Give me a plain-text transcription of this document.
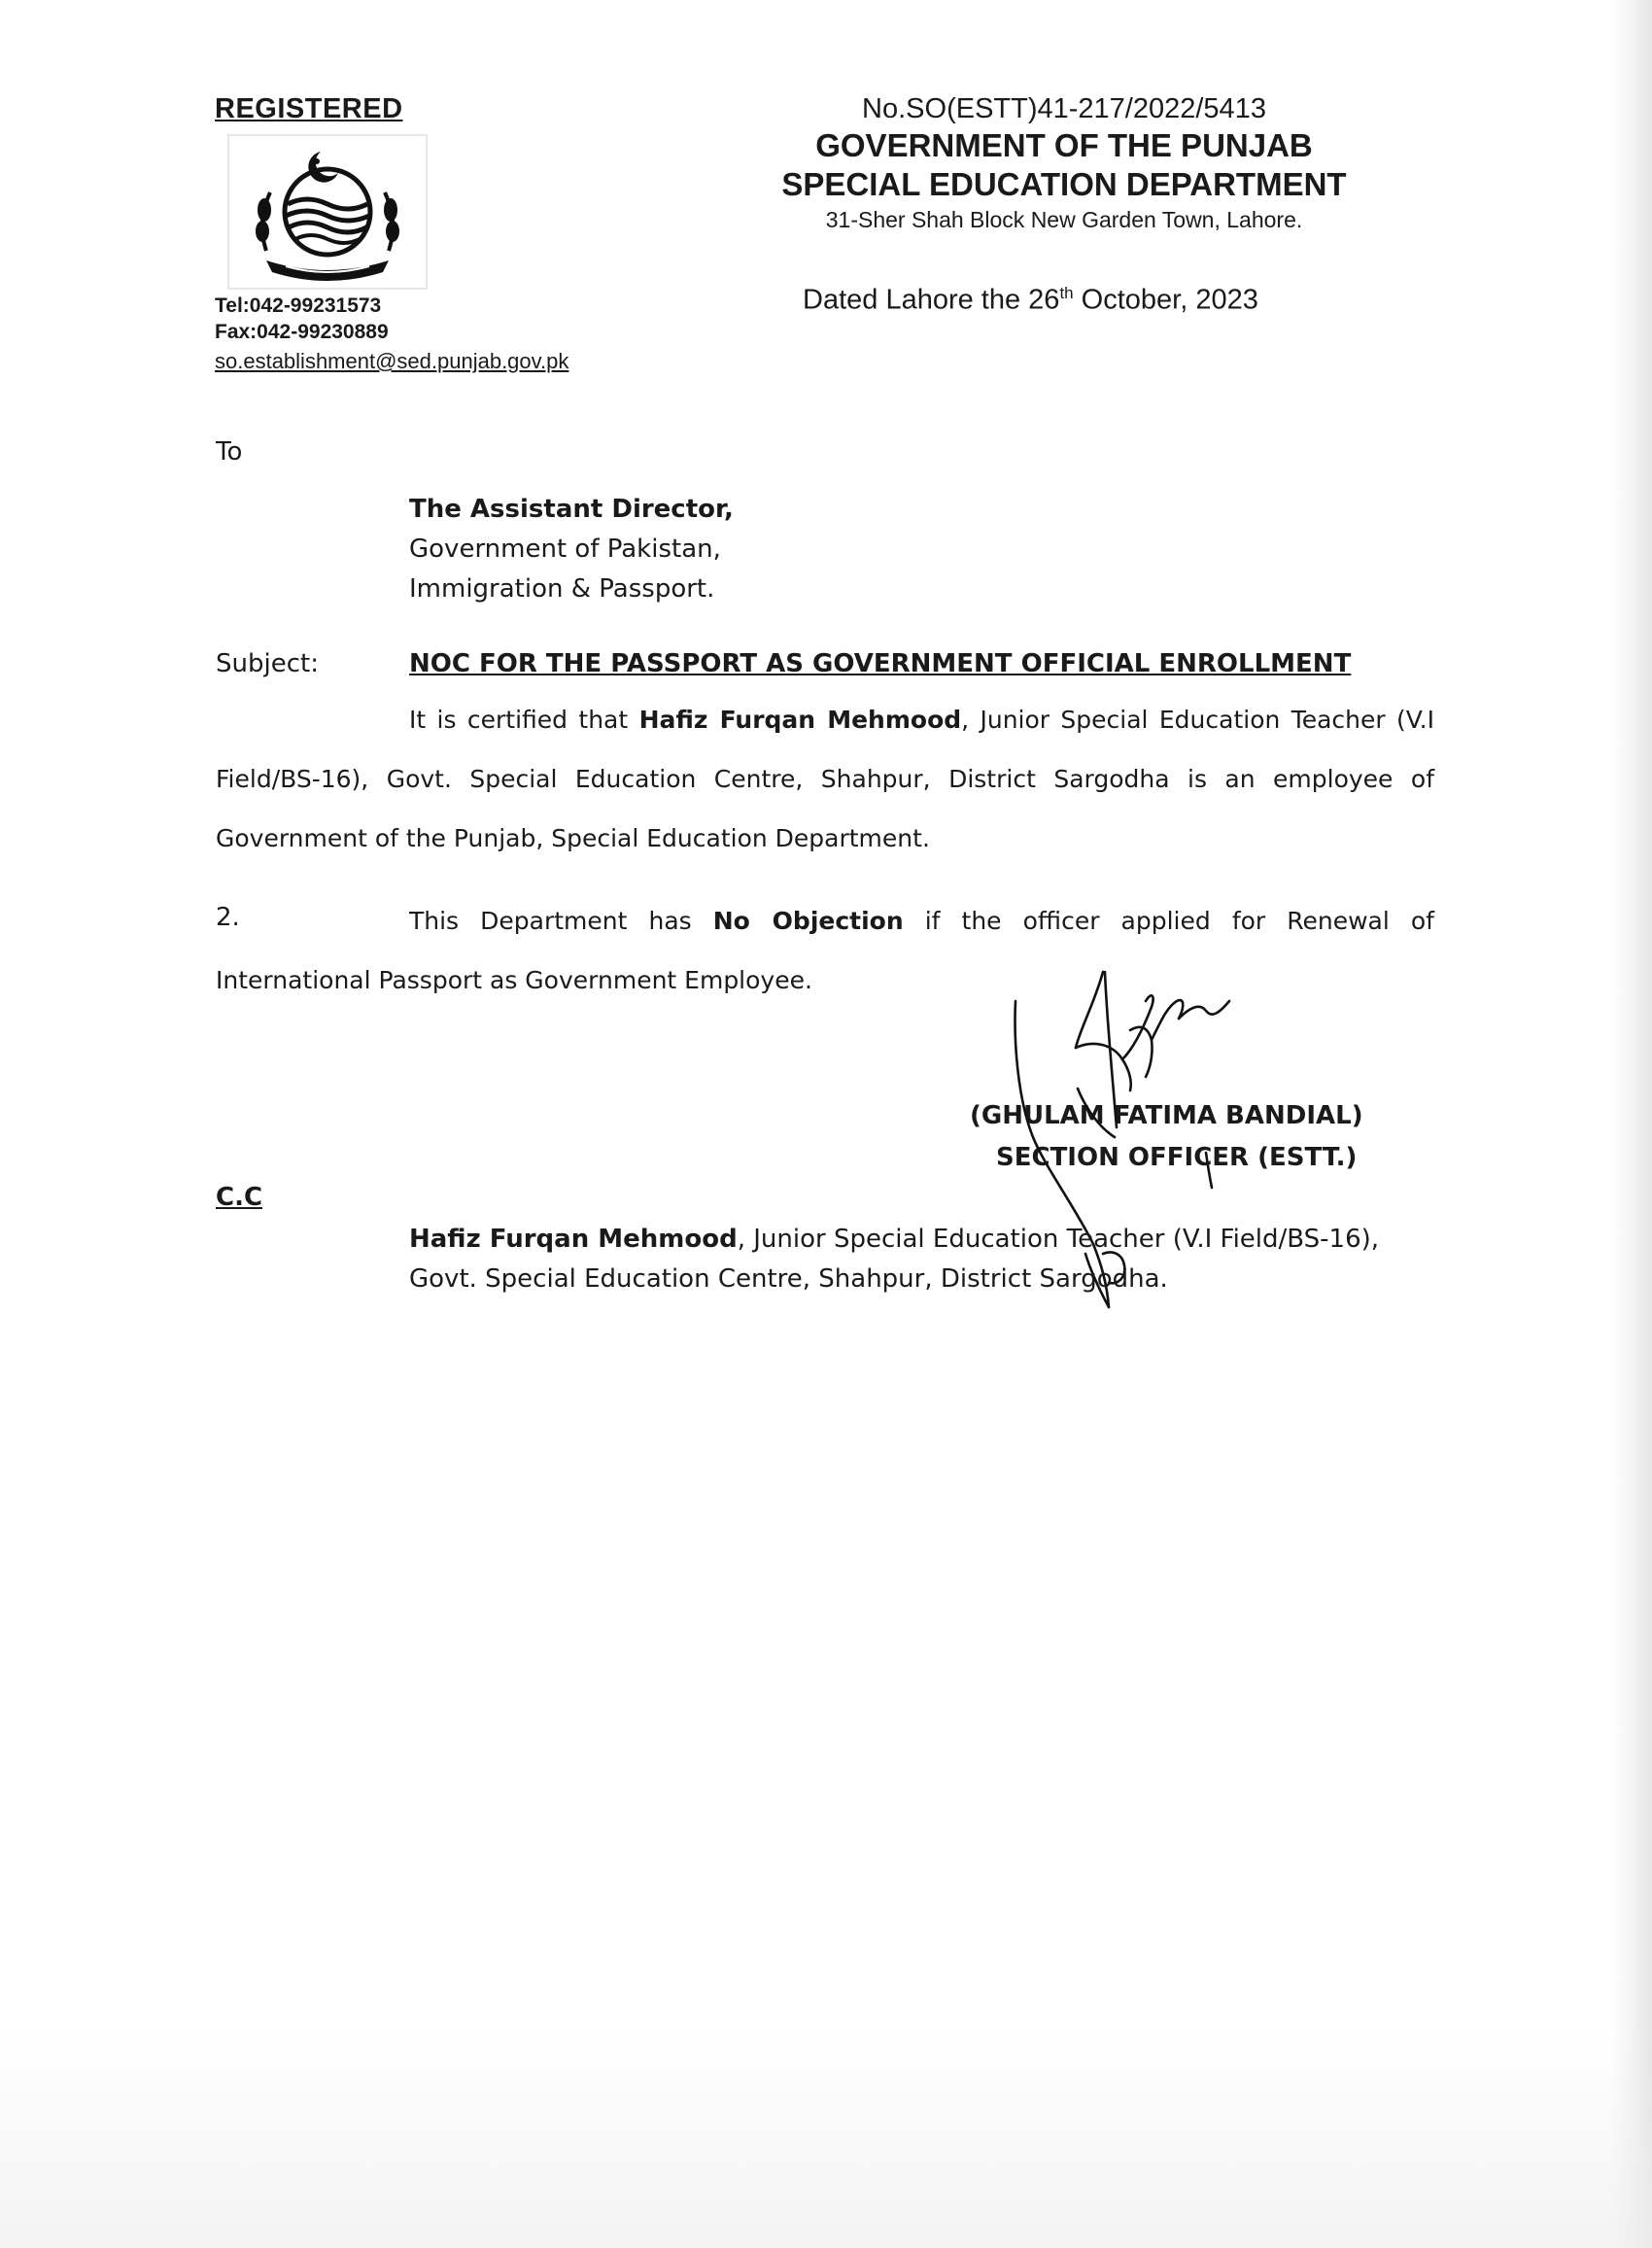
REGISTERED
Tel:042-99231573
Fax:042-99230889
so.establishment@sed.punjab.gov.pk
No.SO(ESTT)41-217/2022/5413
GOVERNMENT OF THE PUNJAB
SPECIAL EDUCATION DEPARTMENT
31-Sher Shah Block New Garden Town, Lahore.
Dated Lahore the 26th October, 2023
To
The Assistant Director,
Government of Pakistan,
Immigration & Passport.
Subject:	NOC FOR THE PASSPORT AS GOVERNMENT OFFICIAL ENROLLMENT
It is certified that Hafiz Furqan Mehmood, Junior Special Education Teacher (V.I Field/BS-16), Govt. Special Education Centre, Shahpur, District Sargodha is an employee of Government of the Punjab, Special Education Department.
2.	This Department has No Objection if the officer applied for Renewal of International Passport as Government Employee.
(GHULAM FATIMA BANDIAL)
SECTION OFFICER (ESTT.)
C.C
Hafiz Furqan Mehmood, Junior Special Education Teacher (V.I Field/BS-16),
Govt. Special Education Centre, Shahpur, District Sargodha.
